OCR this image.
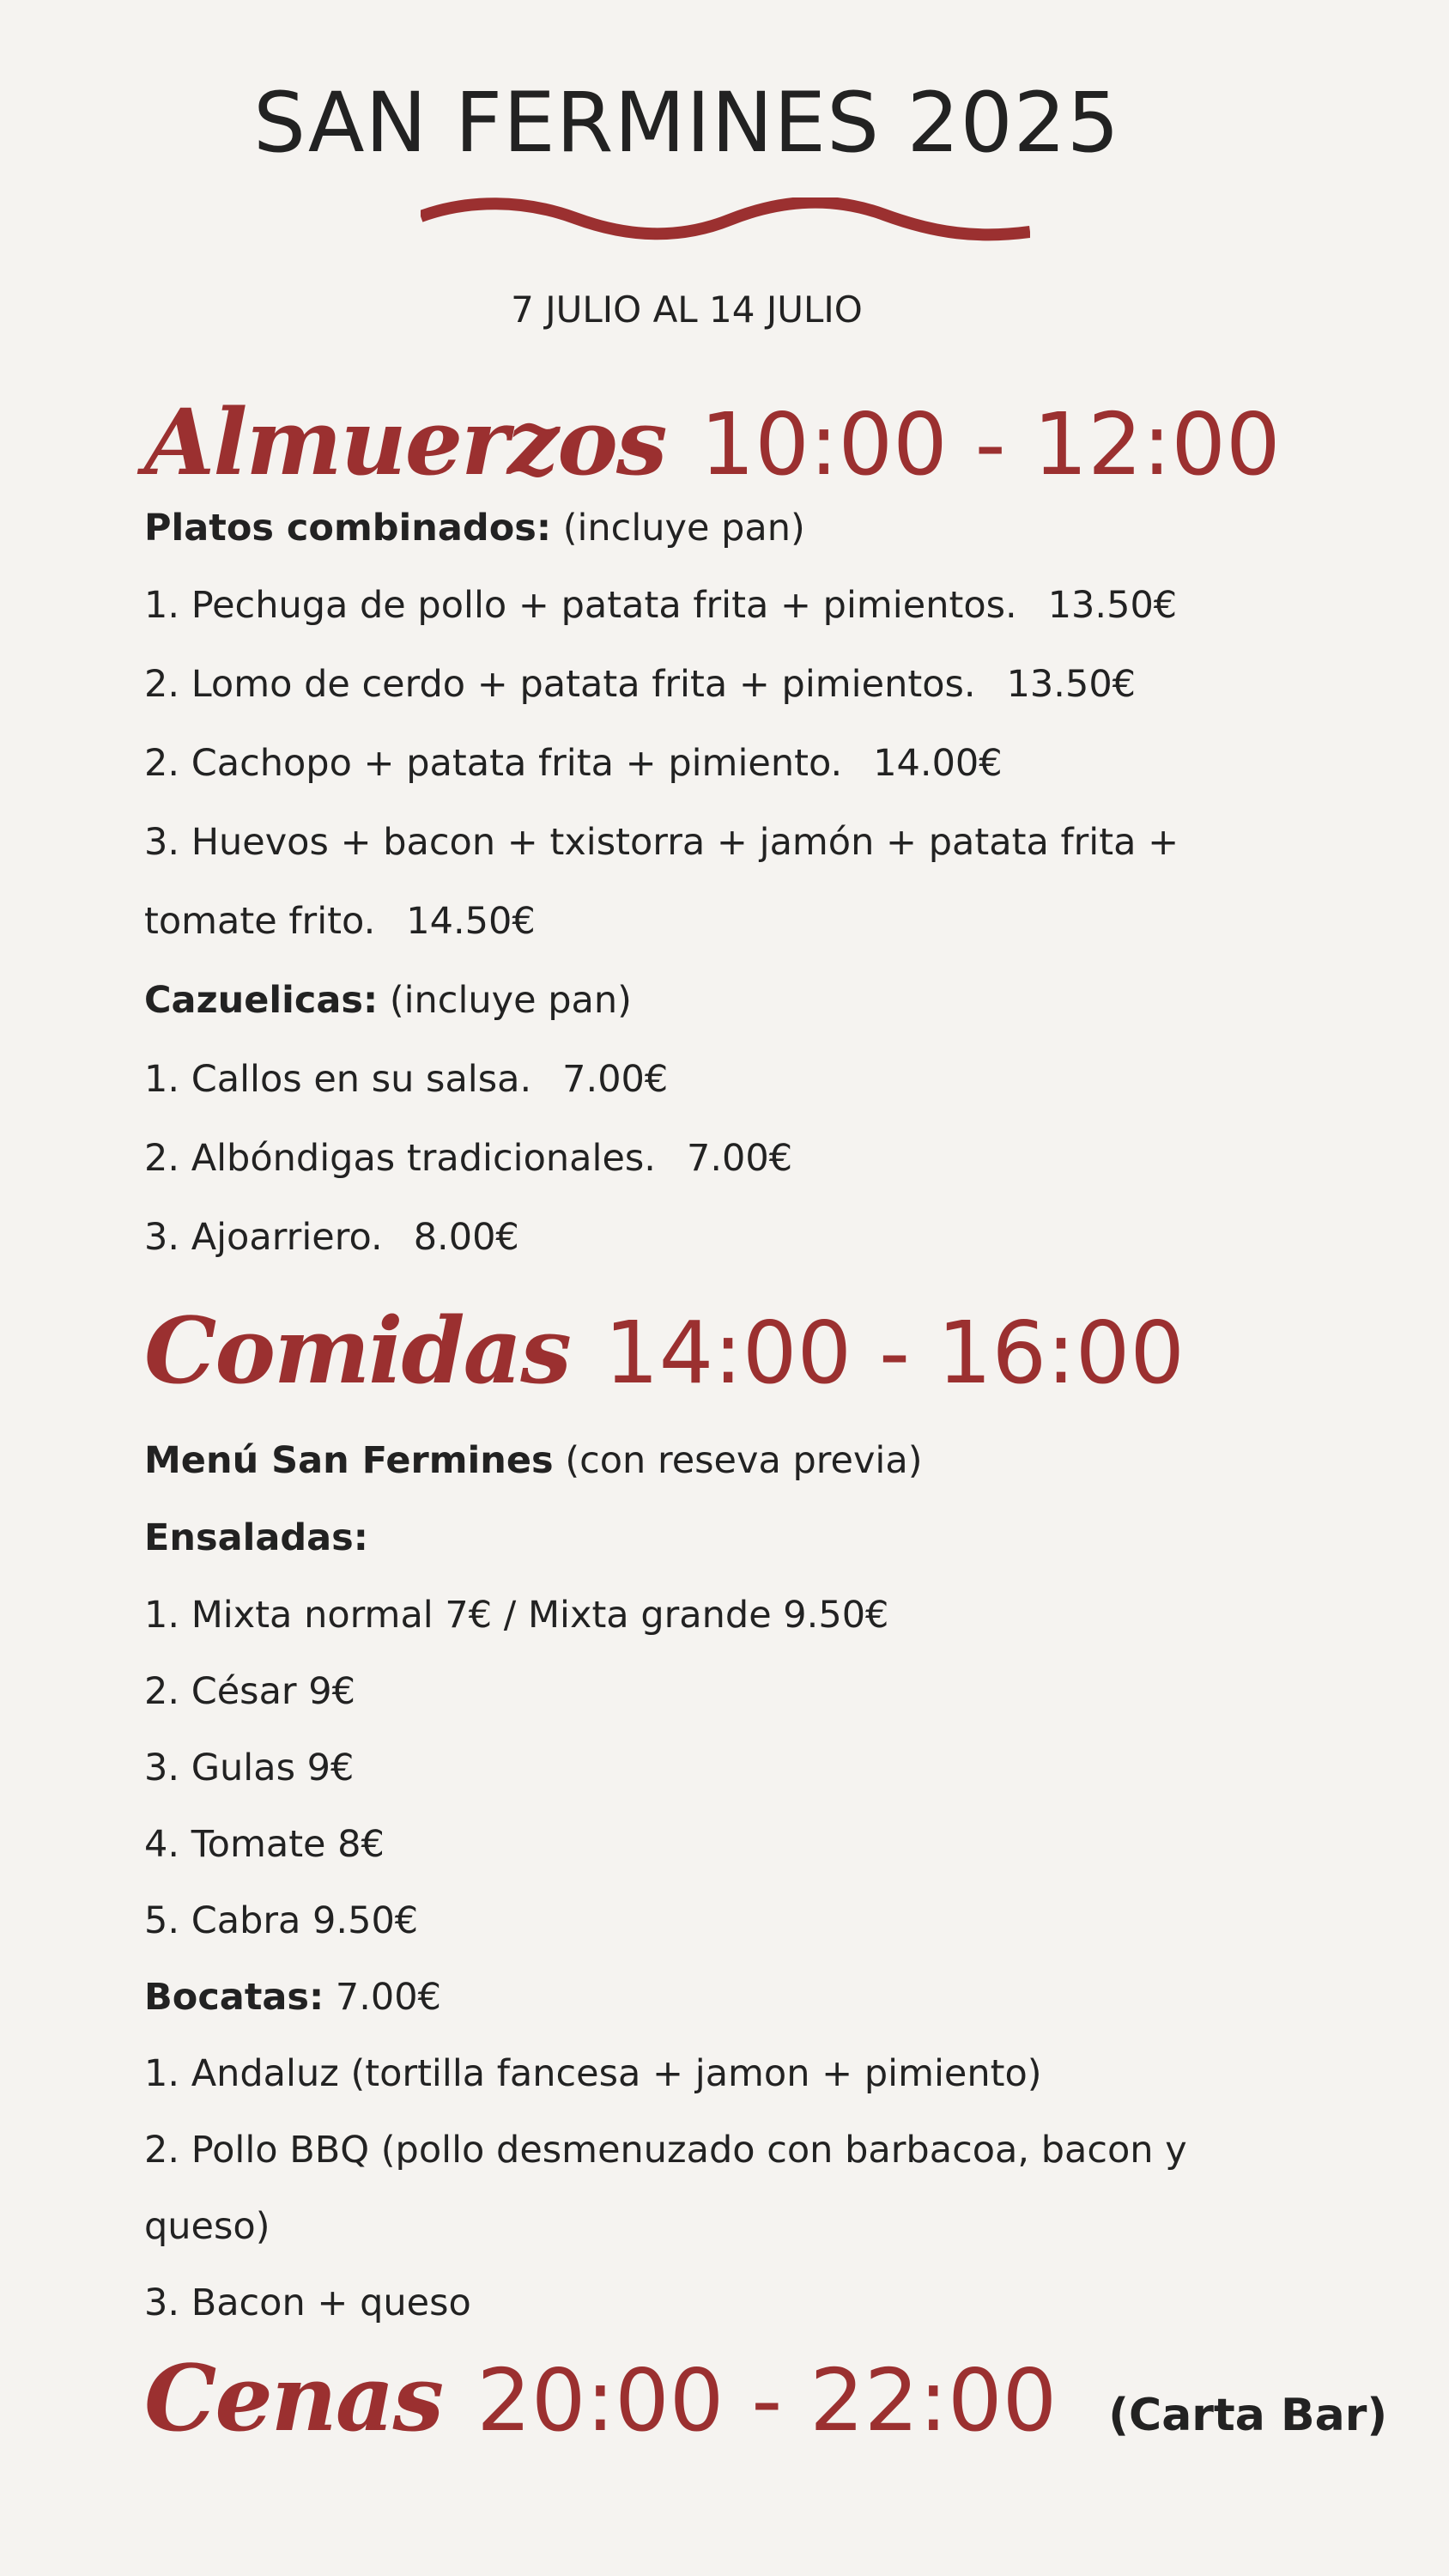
SAN FERMINES 2025
7 JULIO AL 14 JULIO
Almuerzos 10:00 - 12:00
Platos combinados: (incluye pan)
1. Pechuga de pollo + patata frita + pimientos. 13.50€
2. Lomo de cerdo + patata frita + pimientos. 13.50€
2. Cachopo + patata frita + pimiento. 14.00€
3. Huevos + bacon + txistorra + jamón + patata frita +
tomate frito. 14.50€
Cazuelicas: (incluye pan)
1. Callos en su salsa. 7.00€
2. Albóndigas tradicionales. 7.00€
3. Ajoarriero. 8.00€
Comidas 14:00 - 16:00
Menú San Fermines (con reseva previa)
Ensaladas:
1. Mixta normal 7€ / Mixta grande 9.50€
2. César 9€
3. Gulas 9€
4. Tomate 8€
5. Cabra 9.50€
Bocatas: 7.00€
1. Andaluz (tortilla fancesa + jamon + pimiento)
2. Pollo BBQ (pollo desmenuzado con barbacoa, bacon y
queso)
3. Bacon + queso
Cenas 20:00 - 22:00 (Carta Bar)
